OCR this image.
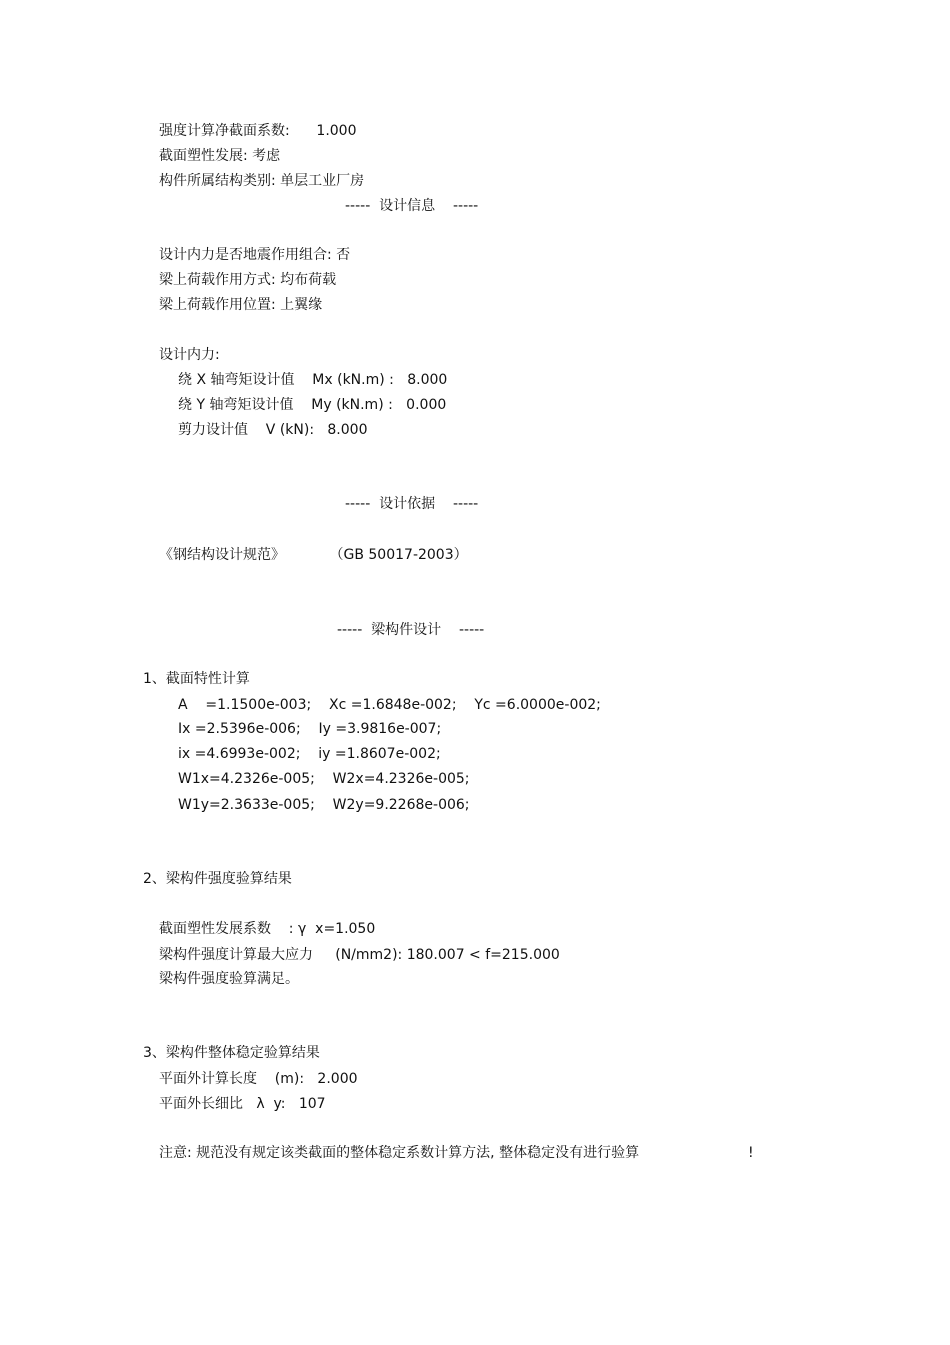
强度计算净截面系数:      1.000
截面塑性发展: 考虑
构件所属结构类别: 单层工业厂房
-----  设计信息    -----
设计内力是否地震作用组合: 否
梁上荷载作用方式: 均布荷载
梁上荷载作用位置: 上翼缘
设计内力:
绕 X 轴弯矩设计值    Mx (kN.m) :   8.000
绕 Y 轴弯矩设计值    My (kN.m) :   0.000
剪力设计值    V (kN):   8.000
-----  设计依据    -----
《钢结构设计规范》          （GB 50017-2003）
-----  梁构件设计    -----
1、截面特性计算
A    =1.1500e-003;    Xc =1.6848e-002;    Yc =6.0000e-002;
Ix =2.5396e-006;    Iy =3.9816e-007;
ix =4.6993e-002;    iy =1.8607e-002;
W1x=4.2326e-005;    W2x=4.2326e-005;
W1y=2.3633e-005;    W2y=9.2268e-006;
2、梁构件强度验算结果
截面塑性发展系数    : γ  x=1.050
梁构件强度计算最大应力     (N/mm2): 180.007 < f=215.000
梁构件强度验算满足。
3、梁构件整体稳定验算结果
平面外计算长度    (m):   2.000
平面外长细比   λ  y:   107
注意: 规范没有规定该类截面的整体稳定系数计算方法, 整体稳定没有进行验算	!
